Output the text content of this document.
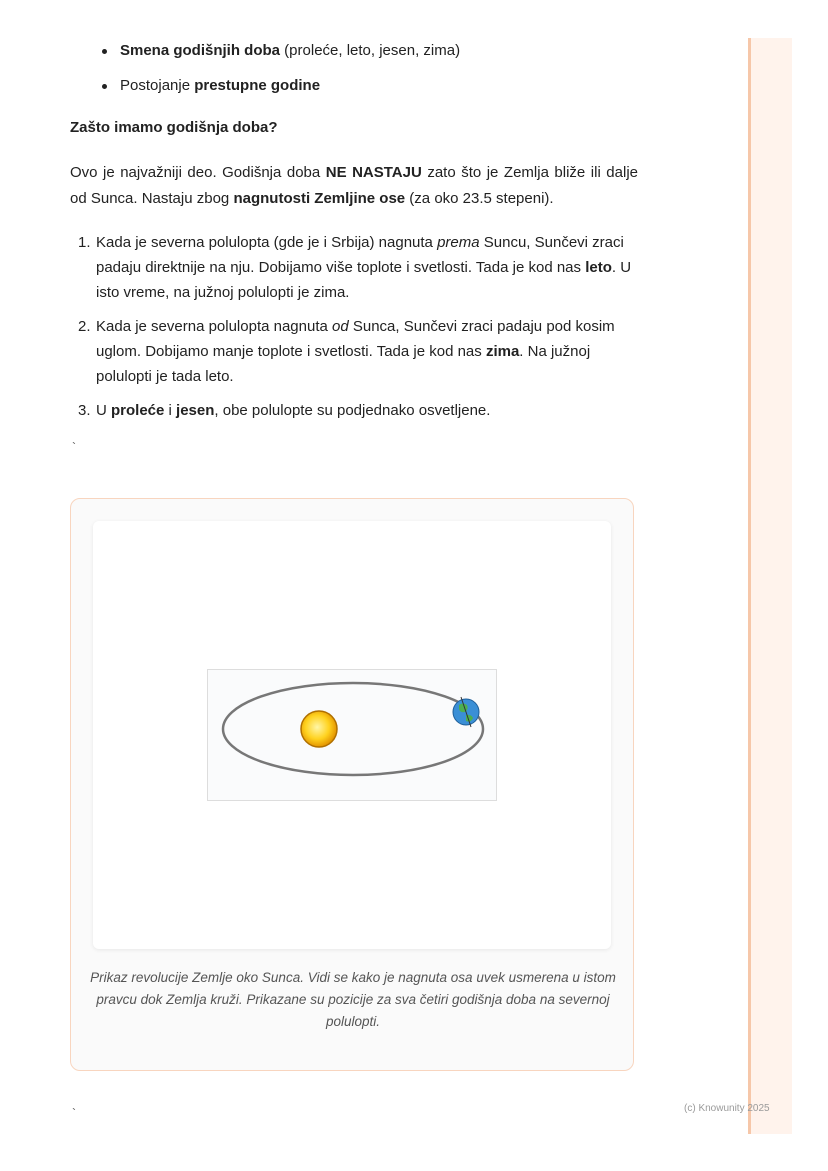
Smena godišnjih doba (proleće, leto, jesen, zima)
Postojanje prestupne godine
Zašto imamo godišnja doba?

Ovo je najvažniji deo. Godišnja doba NE NASTAJU zato što je Zemlja bliže ili dalje od Sunca. Nastaju zbog nagnutosti Zemljine ose (za oko 23.5 stepeni).

1. Kada je severna polulopta (gde je i Srbija) nagnuta prema Suncu, Sunčevi zraci padaju direktnije na nju. Dobijamo više toplote i svetlosti. Tada je kod nas leto. U isto vreme, na južnoj polulopti je zima.
2. Kada je severna polulopta nagnuta od Sunca, Sunčevi zraci padaju pod kosim uglom. Dobijamo manje toplote i svetlosti. Tada je kod nas zima. Na južnoj polulopti je tada leto.
3. U proleće i jesen, obe polulopte su podjednako osvetljene.
`
Prikaz revolucije Zemlje oko Sunca. Vidi se kako je nagnuta osa uvek usmerena u istom pravcu dok Zemlja kruži. Prikazane su pozicije za sva četiri godišnja doba na severnoj polulopti.
`	(c) Knowunity 2025
